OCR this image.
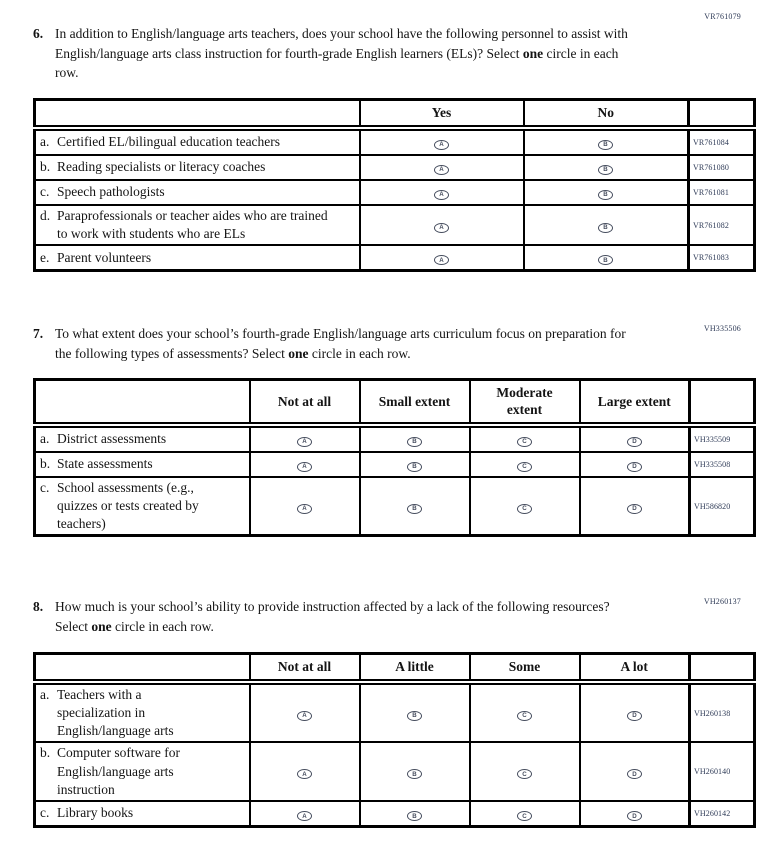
VR761079
6. In addition to English/language arts teachers, does your school have the following personnel to assist with English/language arts class instruction for fourth-grade English learners (ELs)? Select one circle in each row.

	Yes	No	

a. Certified EL/bilingual education teachers	A	B	VR761084

b. Reading specialists or literacy coaches	A	B	VR761080

c. Speech pathologists	A	B	VR761081

d. Paraprofessionals or teacher aides who are trained to work with students who are ELs	A	B	VR761082

e. Parent volunteers	A	B	VR761083
VH335506
7. To what extent does your school’s fourth-grade English/language arts curriculum focus on preparation for the following types of assessments? Select one circle in each row.

	Not at all	Small extent	Moderate extent	Large extent	

a. District assessments	A	B	C	D	VH335509

b. State assessments	A	B	C	D	VH335508

c. School assessments (e.g., quizzes or tests created by teachers)	A	B	C	D	VH586820
VH260137
8. How much is your school’s ability to provide instruction affected by a lack of the following resources? Select one circle in each row.

	Not at all	A little	Some	A lot	

a. Teachers with a specialization in English/language arts	A	B	C	D	VH260138

b. Computer software for English/language arts instruction	A	B	C	D	VH260140

c. Library books	A	B	C	D	VH260142
